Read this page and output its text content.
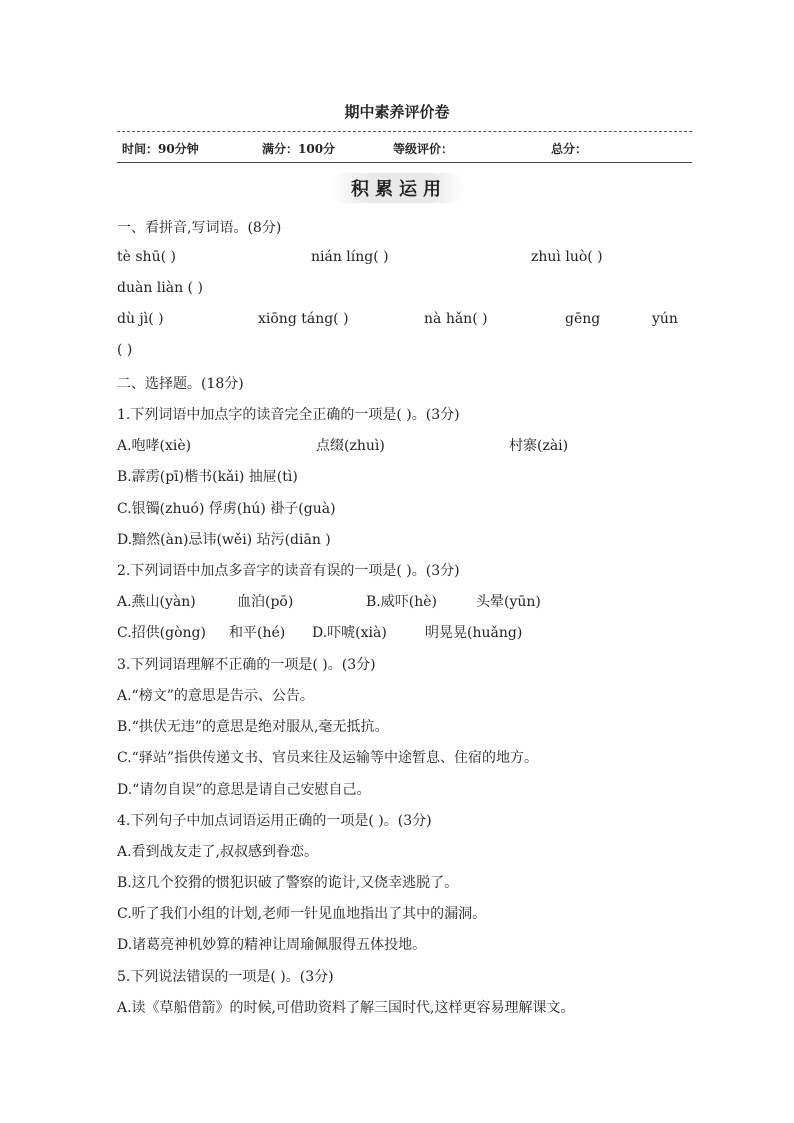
期中素养评价卷
时间：90分钟	满分：100分	等级评价：	总分：
积累运用
一、看拼音,写词语。(8分)
tè shū( )	nián líng( )	zhuì luò( )
duàn liàn ( )
dù jì( )	xiōng táng( )	nà hǎn( )	gēng	yún
( )
二、选择题。(18分)
1.下列词语中加点字的读音完全正确的一项是( )。(3分)
A.咆哮(xiè)	点缀(zhuì)	村寨(zài)
B.霹雳(pī)楷书(kǎi) 抽屉(tì)
C.银镯(zhuó) 俘虏(hú) 褂子(guà)
D.黯然(àn)忌讳(wěi) 玷污(diān )
2.下列词语中加点多音字的读音有误的一项是( )。(3分)
A.燕山(yàn)	血泊(pō)	B.威吓(hè)	头晕(yūn)
C.招供(gòng) 和平(hé) D.吓唬(xià)	明晃晃(huǎng)
3.下列词语理解不正确的一项是( )。(3分)
A.“榜文”的意思是告示、公告。
B.“拱伏无违”的意思是绝对服从,毫无抵抗。
C.“驿站”指供传递文书、官员来往及运输等中途暂息、住宿的地方。
D.“请勿自误”的意思是请自己安慰自己。
4.下列句子中加点词语运用正确的一项是( )。(3分)
A.看到战友走了,叔叔感到眷恋。
B.这几个狡猾的惯犯识破了警察的诡计,又侥幸逃脱了。
C.听了我们小组的计划,老师一针见血地指出了其中的漏洞。
D.诸葛亮神机妙算的精神让周瑜佩服得五体投地。
5.下列说法错误的一项是( )。(3分)
A.读《草船借箭》的时候,可借助资料了解三国时代,这样更容易理解课文。
